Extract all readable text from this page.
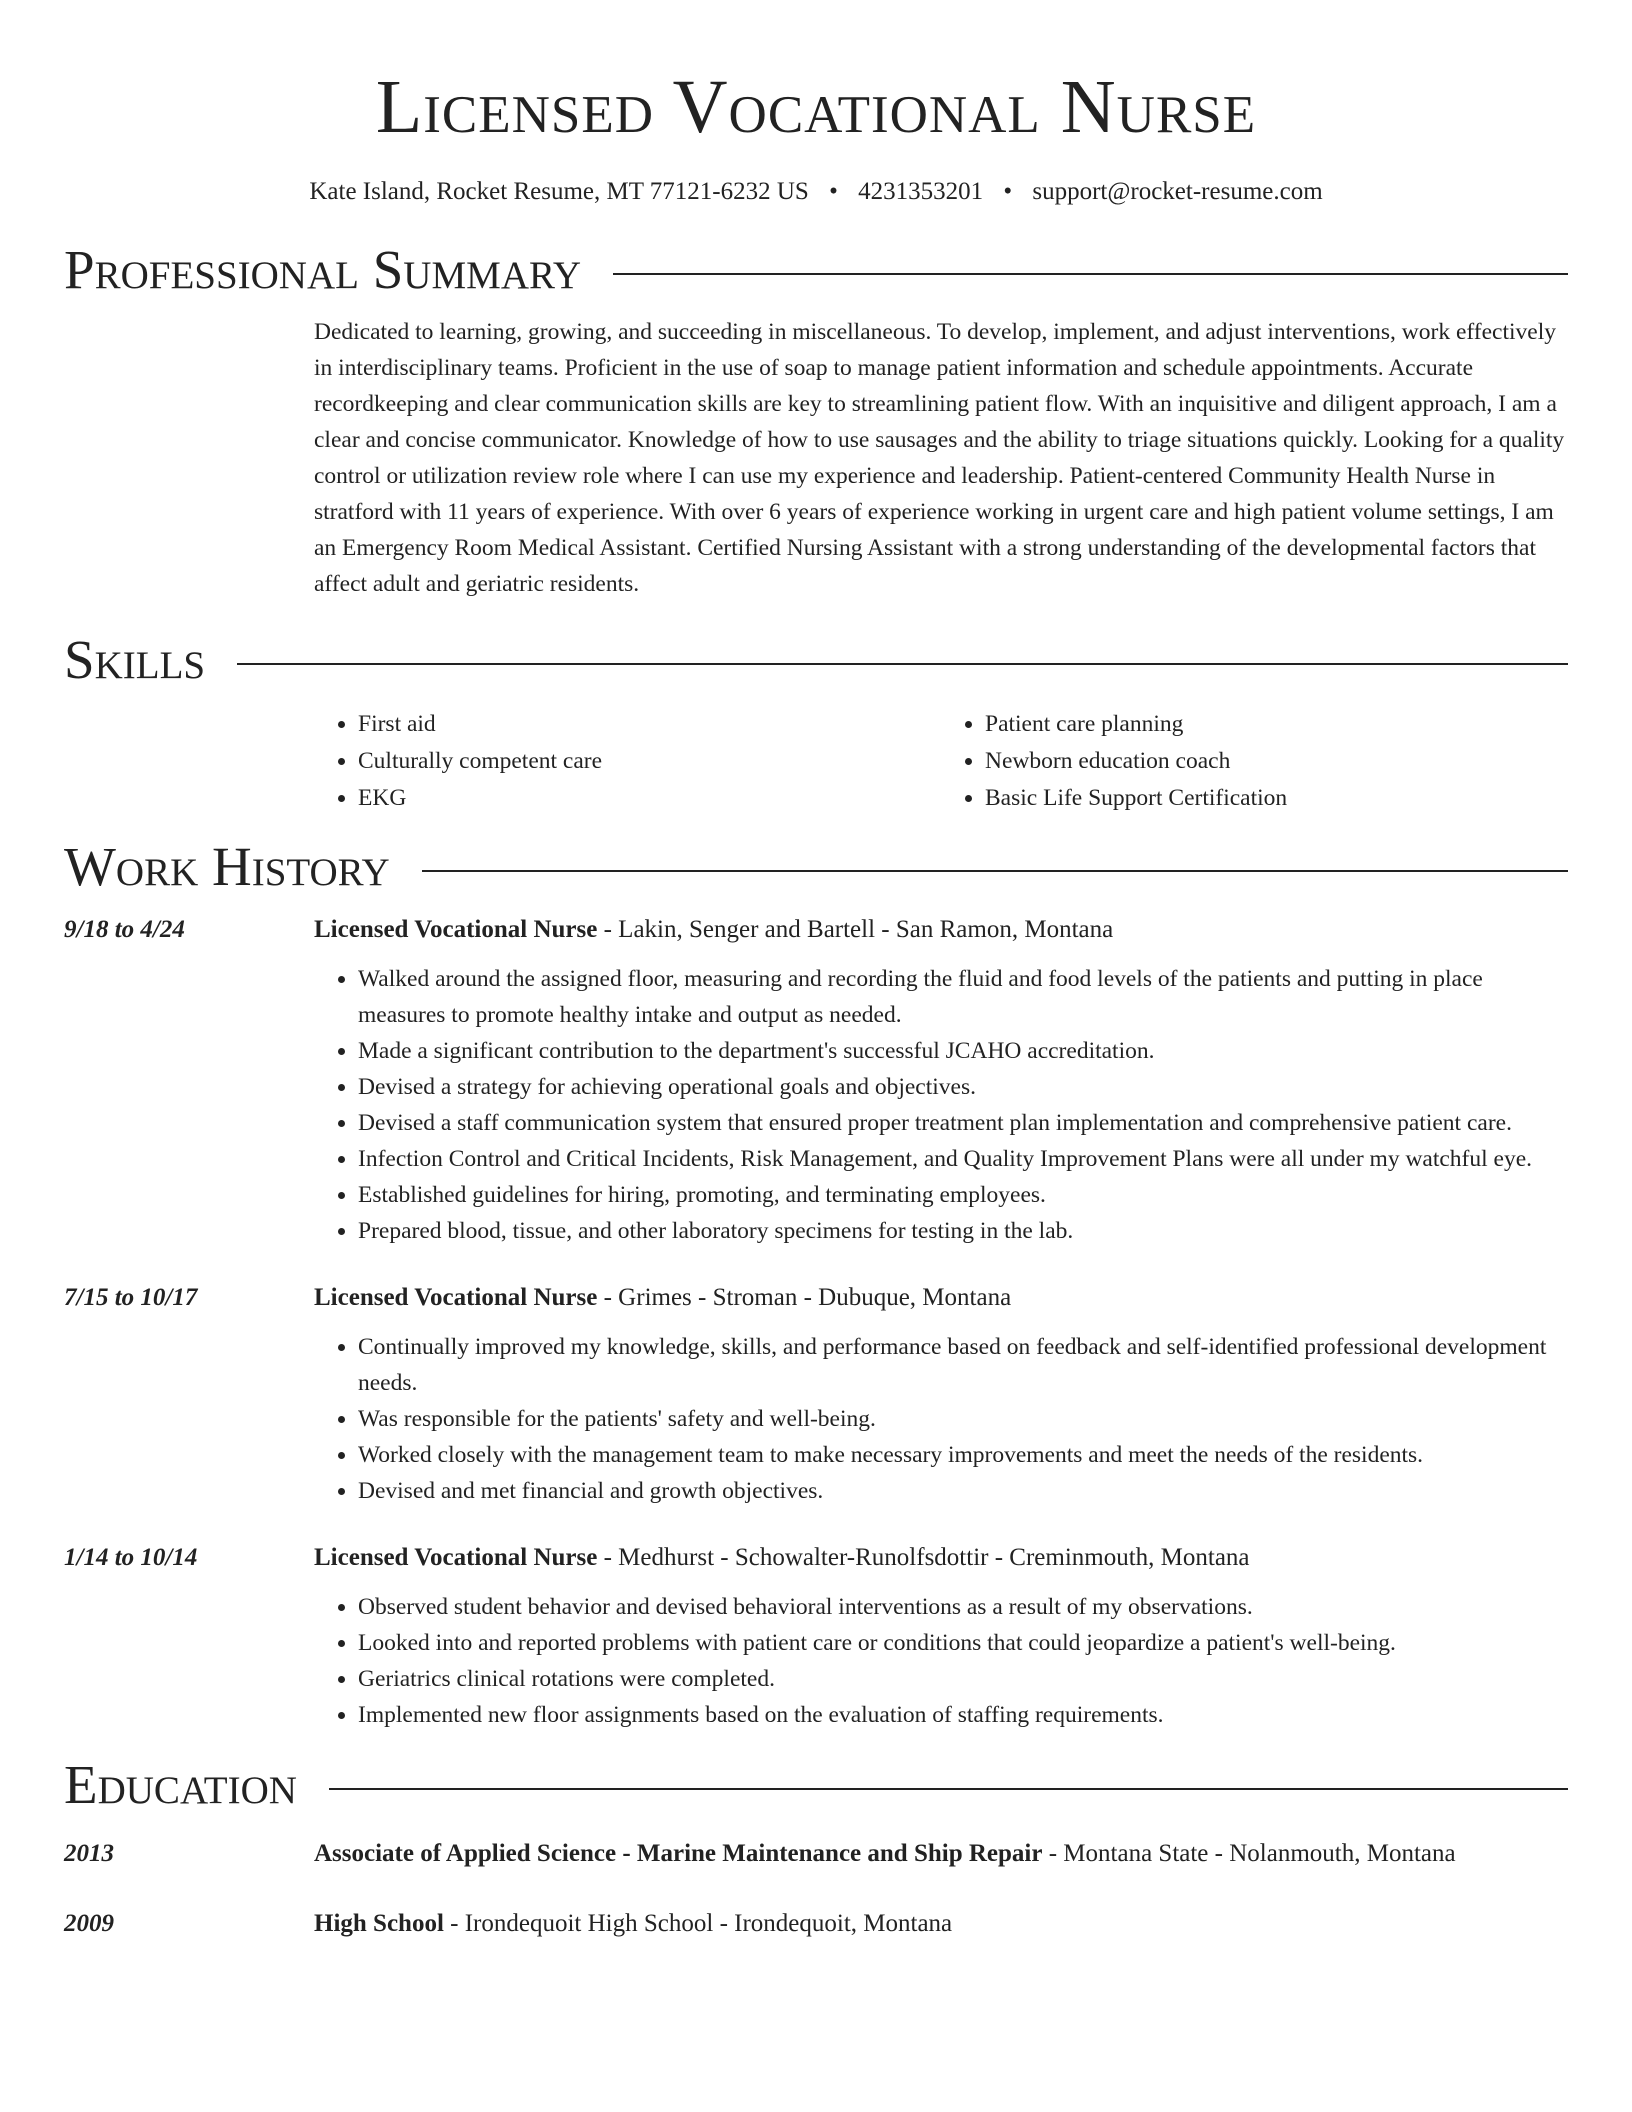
Licensed Vocational Nurse
Kate Island, Rocket Resume, MT 77121-6232 US • 4231353201 • support@rocket-resume.com
Professional Summary
Dedicated to learning, growing, and succeeding in miscellaneous. To develop, implement, and adjust interventions, work effectively in interdisciplinary teams. Proficient in the use of soap to manage patient information and schedule appointments. Accurate recordkeeping and clear communication skills are key to streamlining patient flow. With an inquisitive and diligent approach, I am a clear and concise communicator. Knowledge of how to use sausages and the ability to triage situations quickly. Looking for a quality control or utilization review role where I can use my experience and leadership. Patient-centered Community Health Nurse in stratford with 11 years of experience. With over 6 years of experience working in urgent care and high patient volume settings, I am an Emergency Room Medical Assistant. Certified Nursing Assistant with a strong understanding of the developmental factors that affect adult and geriatric residents.
Skills
• First aid
• Culturally competent care
• EKG
• Patient care planning
• Newborn education coach
• Basic Life Support Certification
Work History
9/18 to 4/24	Licensed Vocational Nurse - Lakin, Senger and Bartell - San Ramon, Montana
• Walked around the assigned floor, measuring and recording the fluid and food levels of the patients and putting in place measures to promote healthy intake and output as needed.
• Made a significant contribution to the department's successful JCAHO accreditation.
• Devised a strategy for achieving operational goals and objectives.
• Devised a staff communication system that ensured proper treatment plan implementation and comprehensive patient care.
• Infection Control and Critical Incidents, Risk Management, and Quality Improvement Plans were all under my watchful eye.
• Established guidelines for hiring, promoting, and terminating employees.
• Prepared blood, tissue, and other laboratory specimens for testing in the lab.
7/15 to 10/17	Licensed Vocational Nurse - Grimes - Stroman - Dubuque, Montana
• Continually improved my knowledge, skills, and performance based on feedback and self-identified professional development needs.
• Was responsible for the patients' safety and well-being.
• Worked closely with the management team to make necessary improvements and meet the needs of the residents.
• Devised and met financial and growth objectives.
1/14 to 10/14	Licensed Vocational Nurse - Medhurst - Schowalter-Runolfsdottir - Creminmouth, Montana
• Observed student behavior and devised behavioral interventions as a result of my observations.
• Looked into and reported problems with patient care or conditions that could jeopardize a patient's well-being.
• Geriatrics clinical rotations were completed.
• Implemented new floor assignments based on the evaluation of staffing requirements.
Education
2013	Associate of Applied Science - Marine Maintenance and Ship Repair - Montana State - Nolanmouth, Montana
2009	High School - Irondequoit High School - Irondequoit, Montana
